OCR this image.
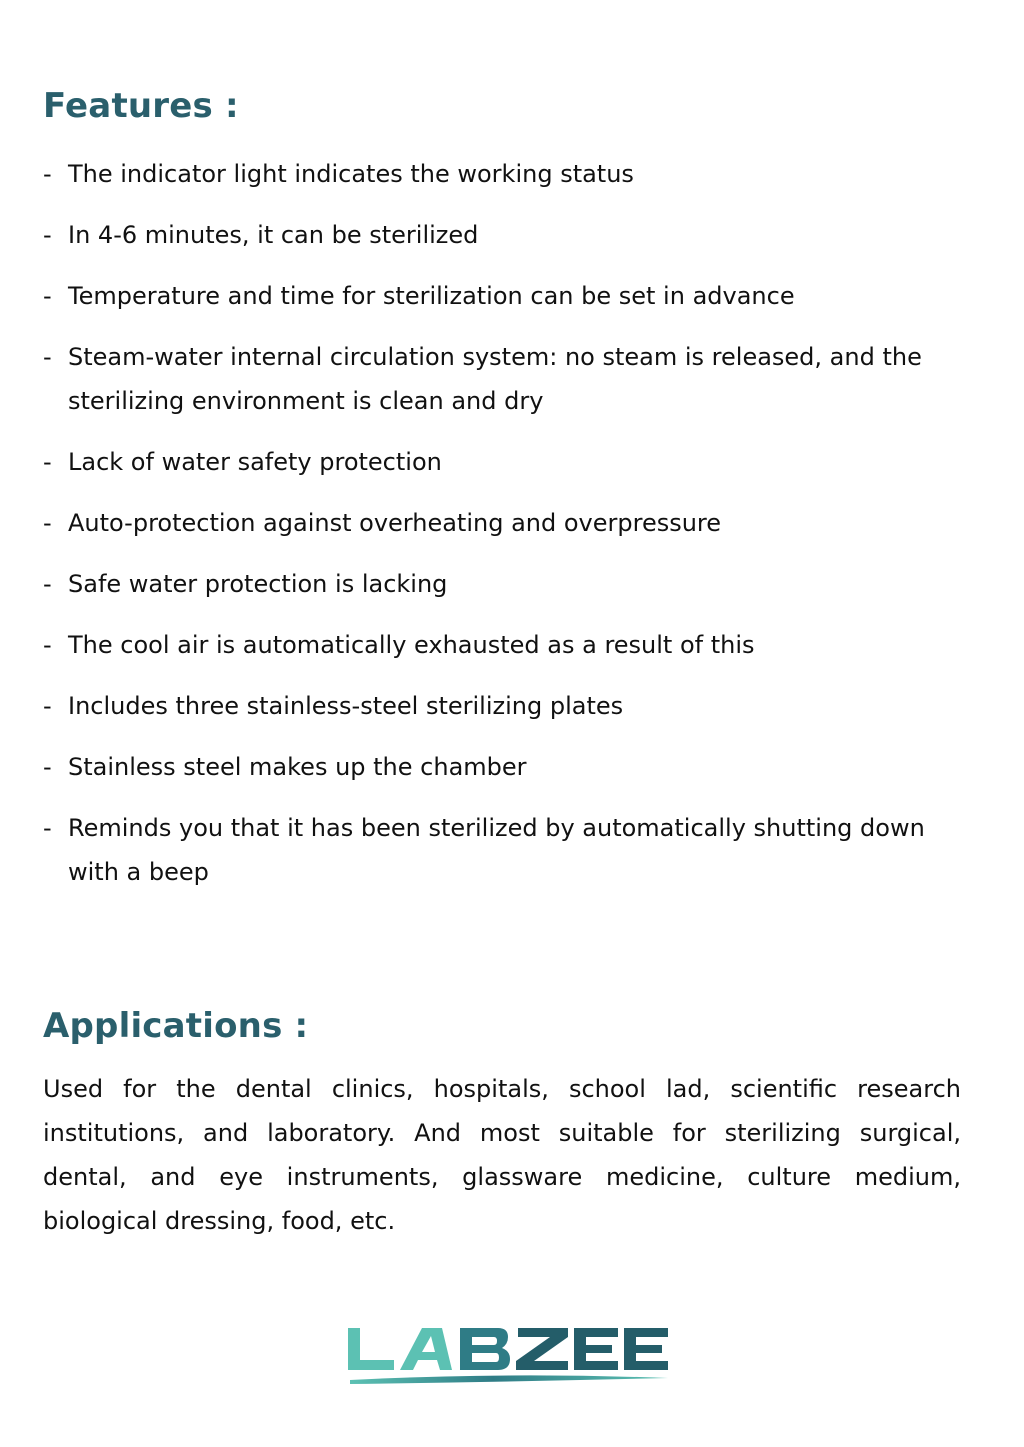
Features :
- The indicator light indicates the working status
- In 4-6 minutes, it can be sterilized
- Temperature and time for sterilization can be set in advance
- Steam-water internal circulation system: no steam is released, and the sterilizing environment is clean and dry
- Lack of water safety protection
- Auto-protection against overheating and overpressure
- Safe water protection is lacking
- The cool air is automatically exhausted as a result of this
- Includes three stainless-steel sterilizing plates
- Stainless steel makes up the chamber
- Reminds you that it has been sterilized by automatically shutting down with a beep
Applications :

Used for the dental clinics, hospitals, school lad, scientific research institutions, and laboratory. And most suitable for sterilizing surgical, dental, and eye instruments, glassware medicine, culture medium, biological dressing, food, etc.
